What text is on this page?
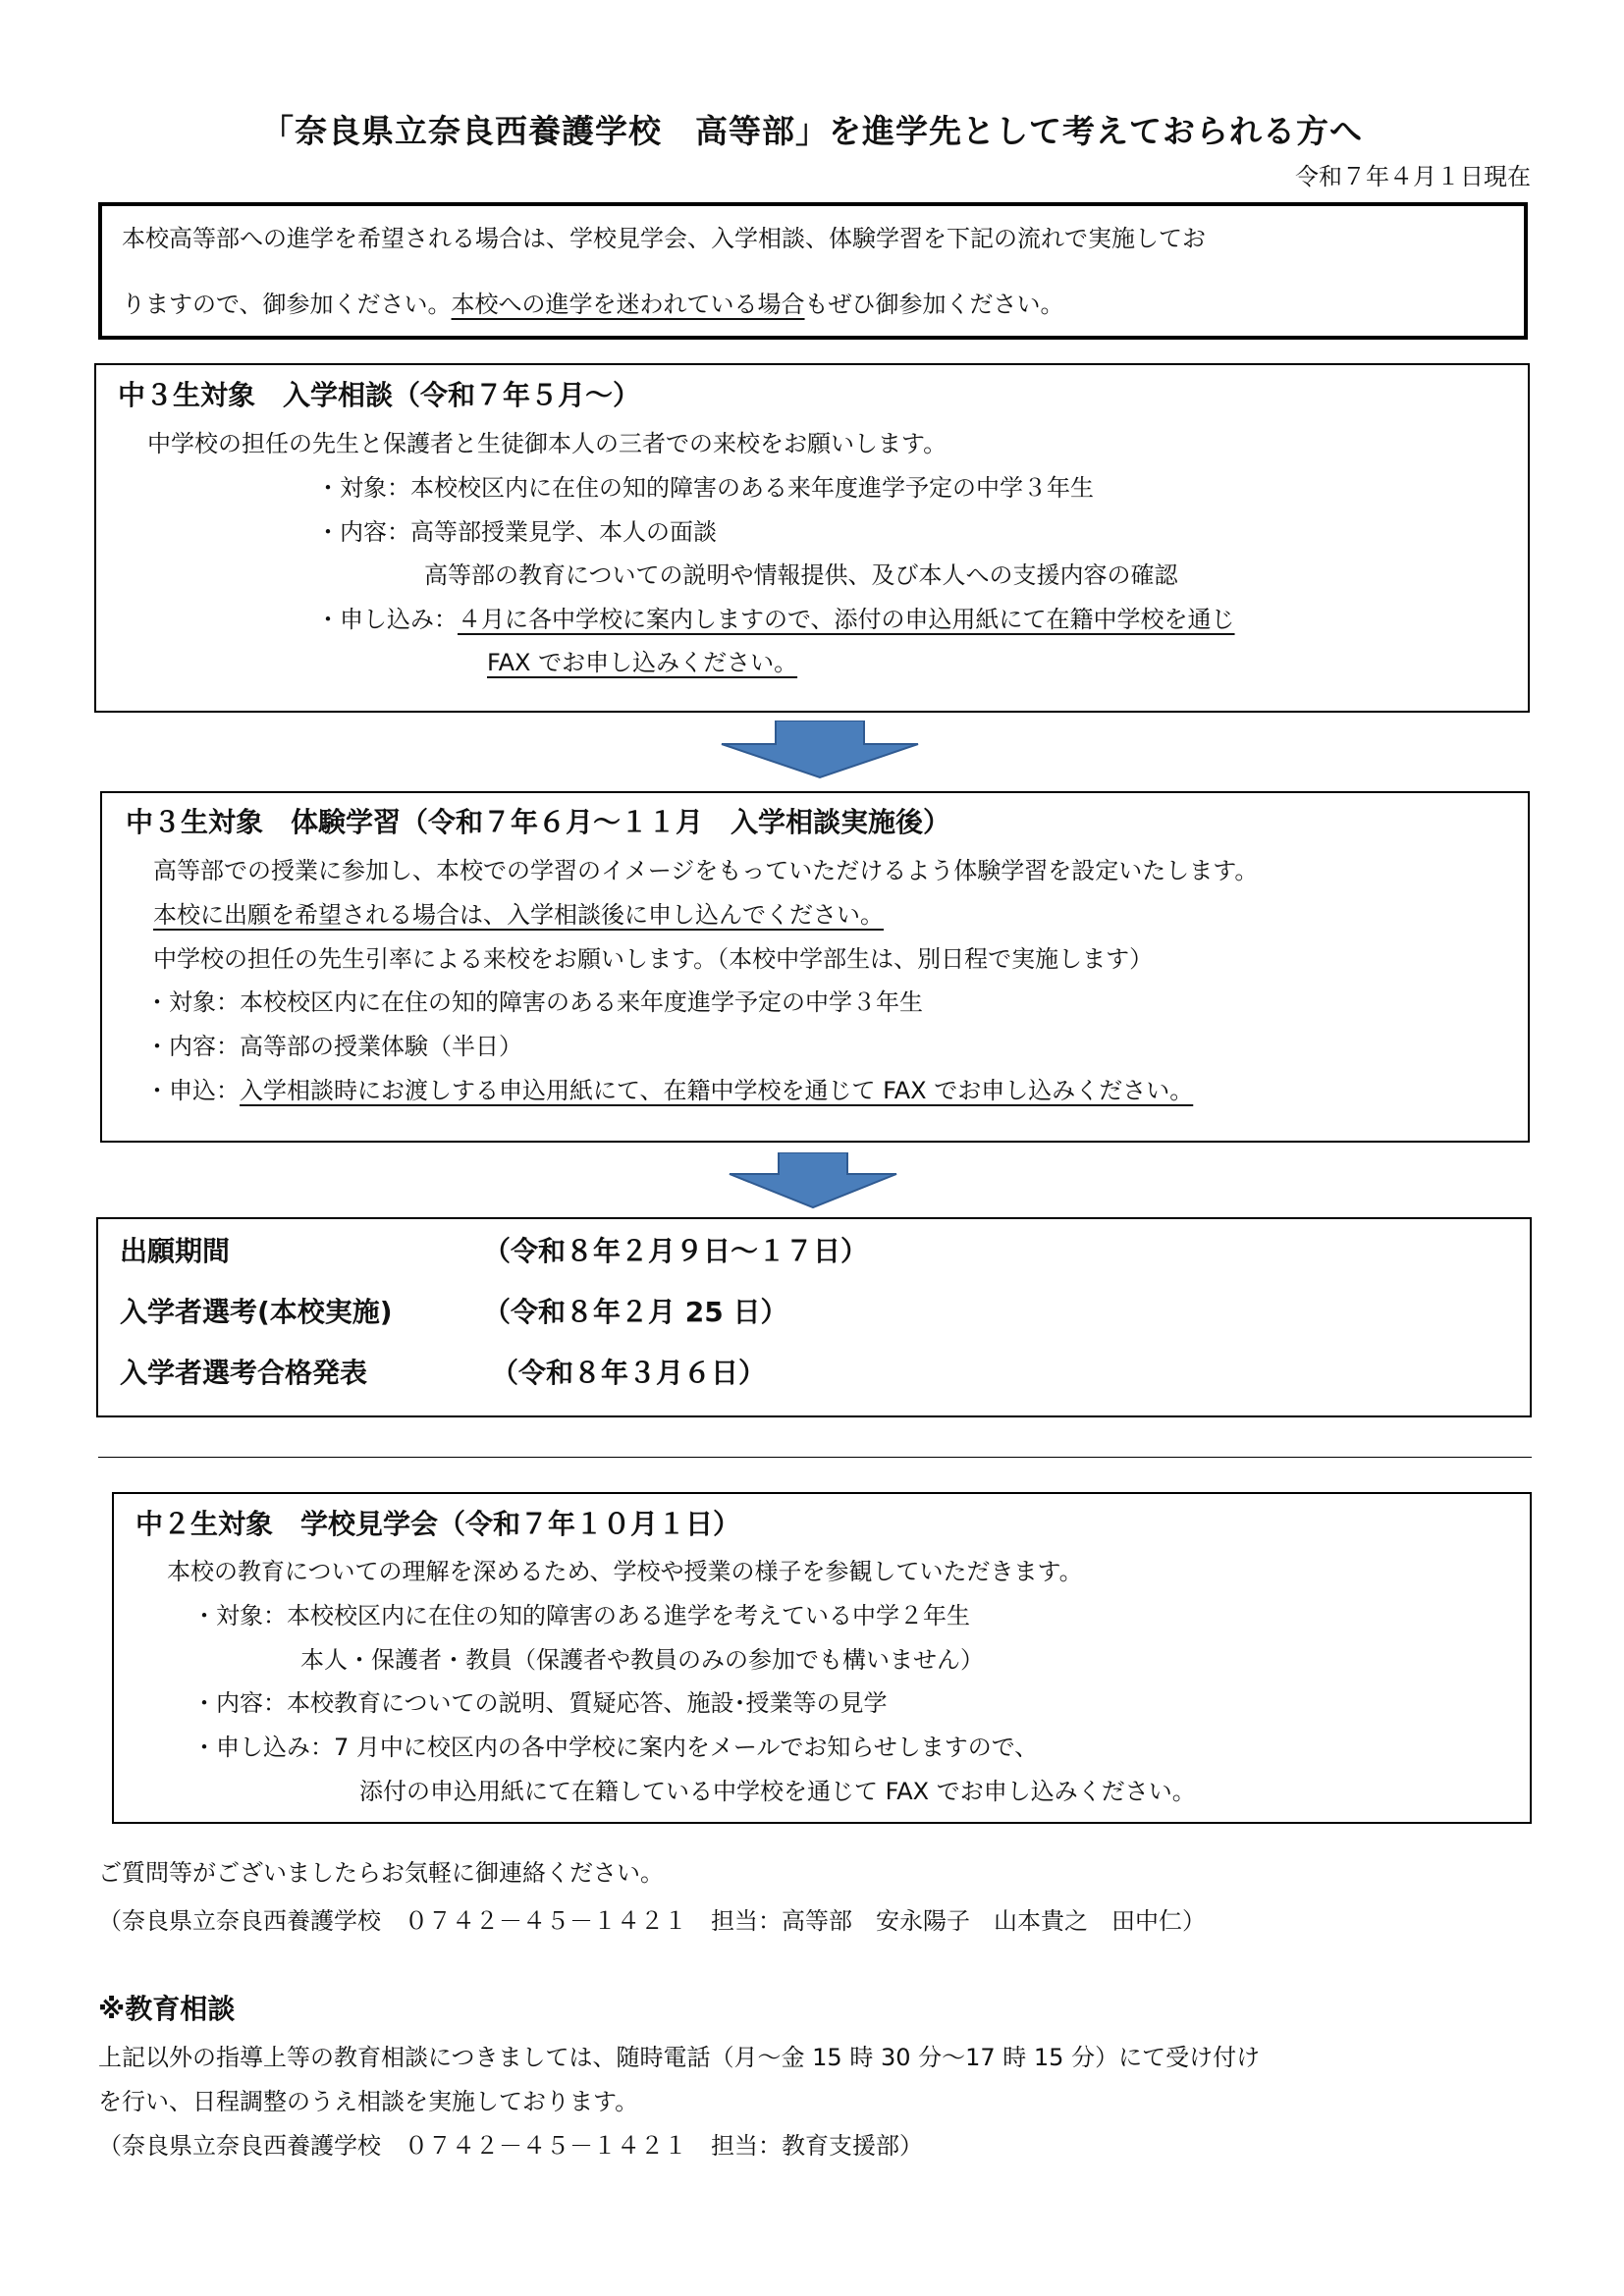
「奈良県立奈良西養護学校　高等部」を進学先として考えておられる方へ
令和７年４月１日現在
本校高等部への進学を希望される場合は、学校見学会、入学相談、体験学習を下記の流れで実施してお
りますので、御参加ください。本校への進学を迷われている場合もぜひ御参加ください。
中３生対象　入学相談（令和７年５月～）
中学校の担任の先生と保護者と生徒御本人の三者での来校をお願いします。
・対象：本校校区内に在住の知的障害のある来年度進学予定の中学３年生
・内容：高等部授業見学、本人の面談
高等部の教育についての説明や情報提供、及び本人への支援内容の確認
・申し込み：４月に各中学校に案内しますので、添付の申込用紙にて在籍中学校を通じ
FAX でお申し込みください。
中３生対象　体験学習（令和７年６月～１１月　入学相談実施後）
高等部での授業に参加し、本校での学習のイメージをもっていただけるよう体験学習を設定いたします。
本校に出願を希望される場合は、入学相談後に申し込んでください。
中学校の担任の先生引率による来校をお願いします。（本校中学部生は、別日程で実施します）
・対象：本校校区内に在住の知的障害のある来年度進学予定の中学３年生
・内容：高等部の授業体験（半日）
・申込：入学相談時にお渡しする申込用紙にて、在籍中学校を通じて FAX でお申し込みください。
出願期間	（令和８年２月９日～１７日）
入学者選考(本校実施)	（令和８年２月 25 日）
入学者選考合格発表	（令和８年３月６日）
中２生対象　学校見学会（令和７年１０月１日）
本校の教育についての理解を深めるため、学校や授業の様子を参観していただきます。
・対象：本校校区内に在住の知的障害のある進学を考えている中学２年生
本人・保護者・教員（保護者や教員のみの参加でも構いません）
・内容：本校教育についての説明、質疑応答、施設･授業等の見学
・申し込み：7 月中に校区内の各中学校に案内をメールでお知らせしますので、
添付の申込用紙にて在籍している中学校を通じて FAX でお申し込みください。
ご質問等がございましたらお気軽に御連絡ください。
（奈良県立奈良西養護学校　０７４２－４５－１４２１　担当：高等部　安永陽子　山本貴之　田中仁）
※教育相談
上記以外の指導上等の教育相談につきましては、随時電話（月～金 15 時 30 分～17 時 15 分）にて受け付け
を行い、日程調整のうえ相談を実施しております。
（奈良県立奈良西養護学校　０７４２－４５－１４２１　担当：教育支援部）
